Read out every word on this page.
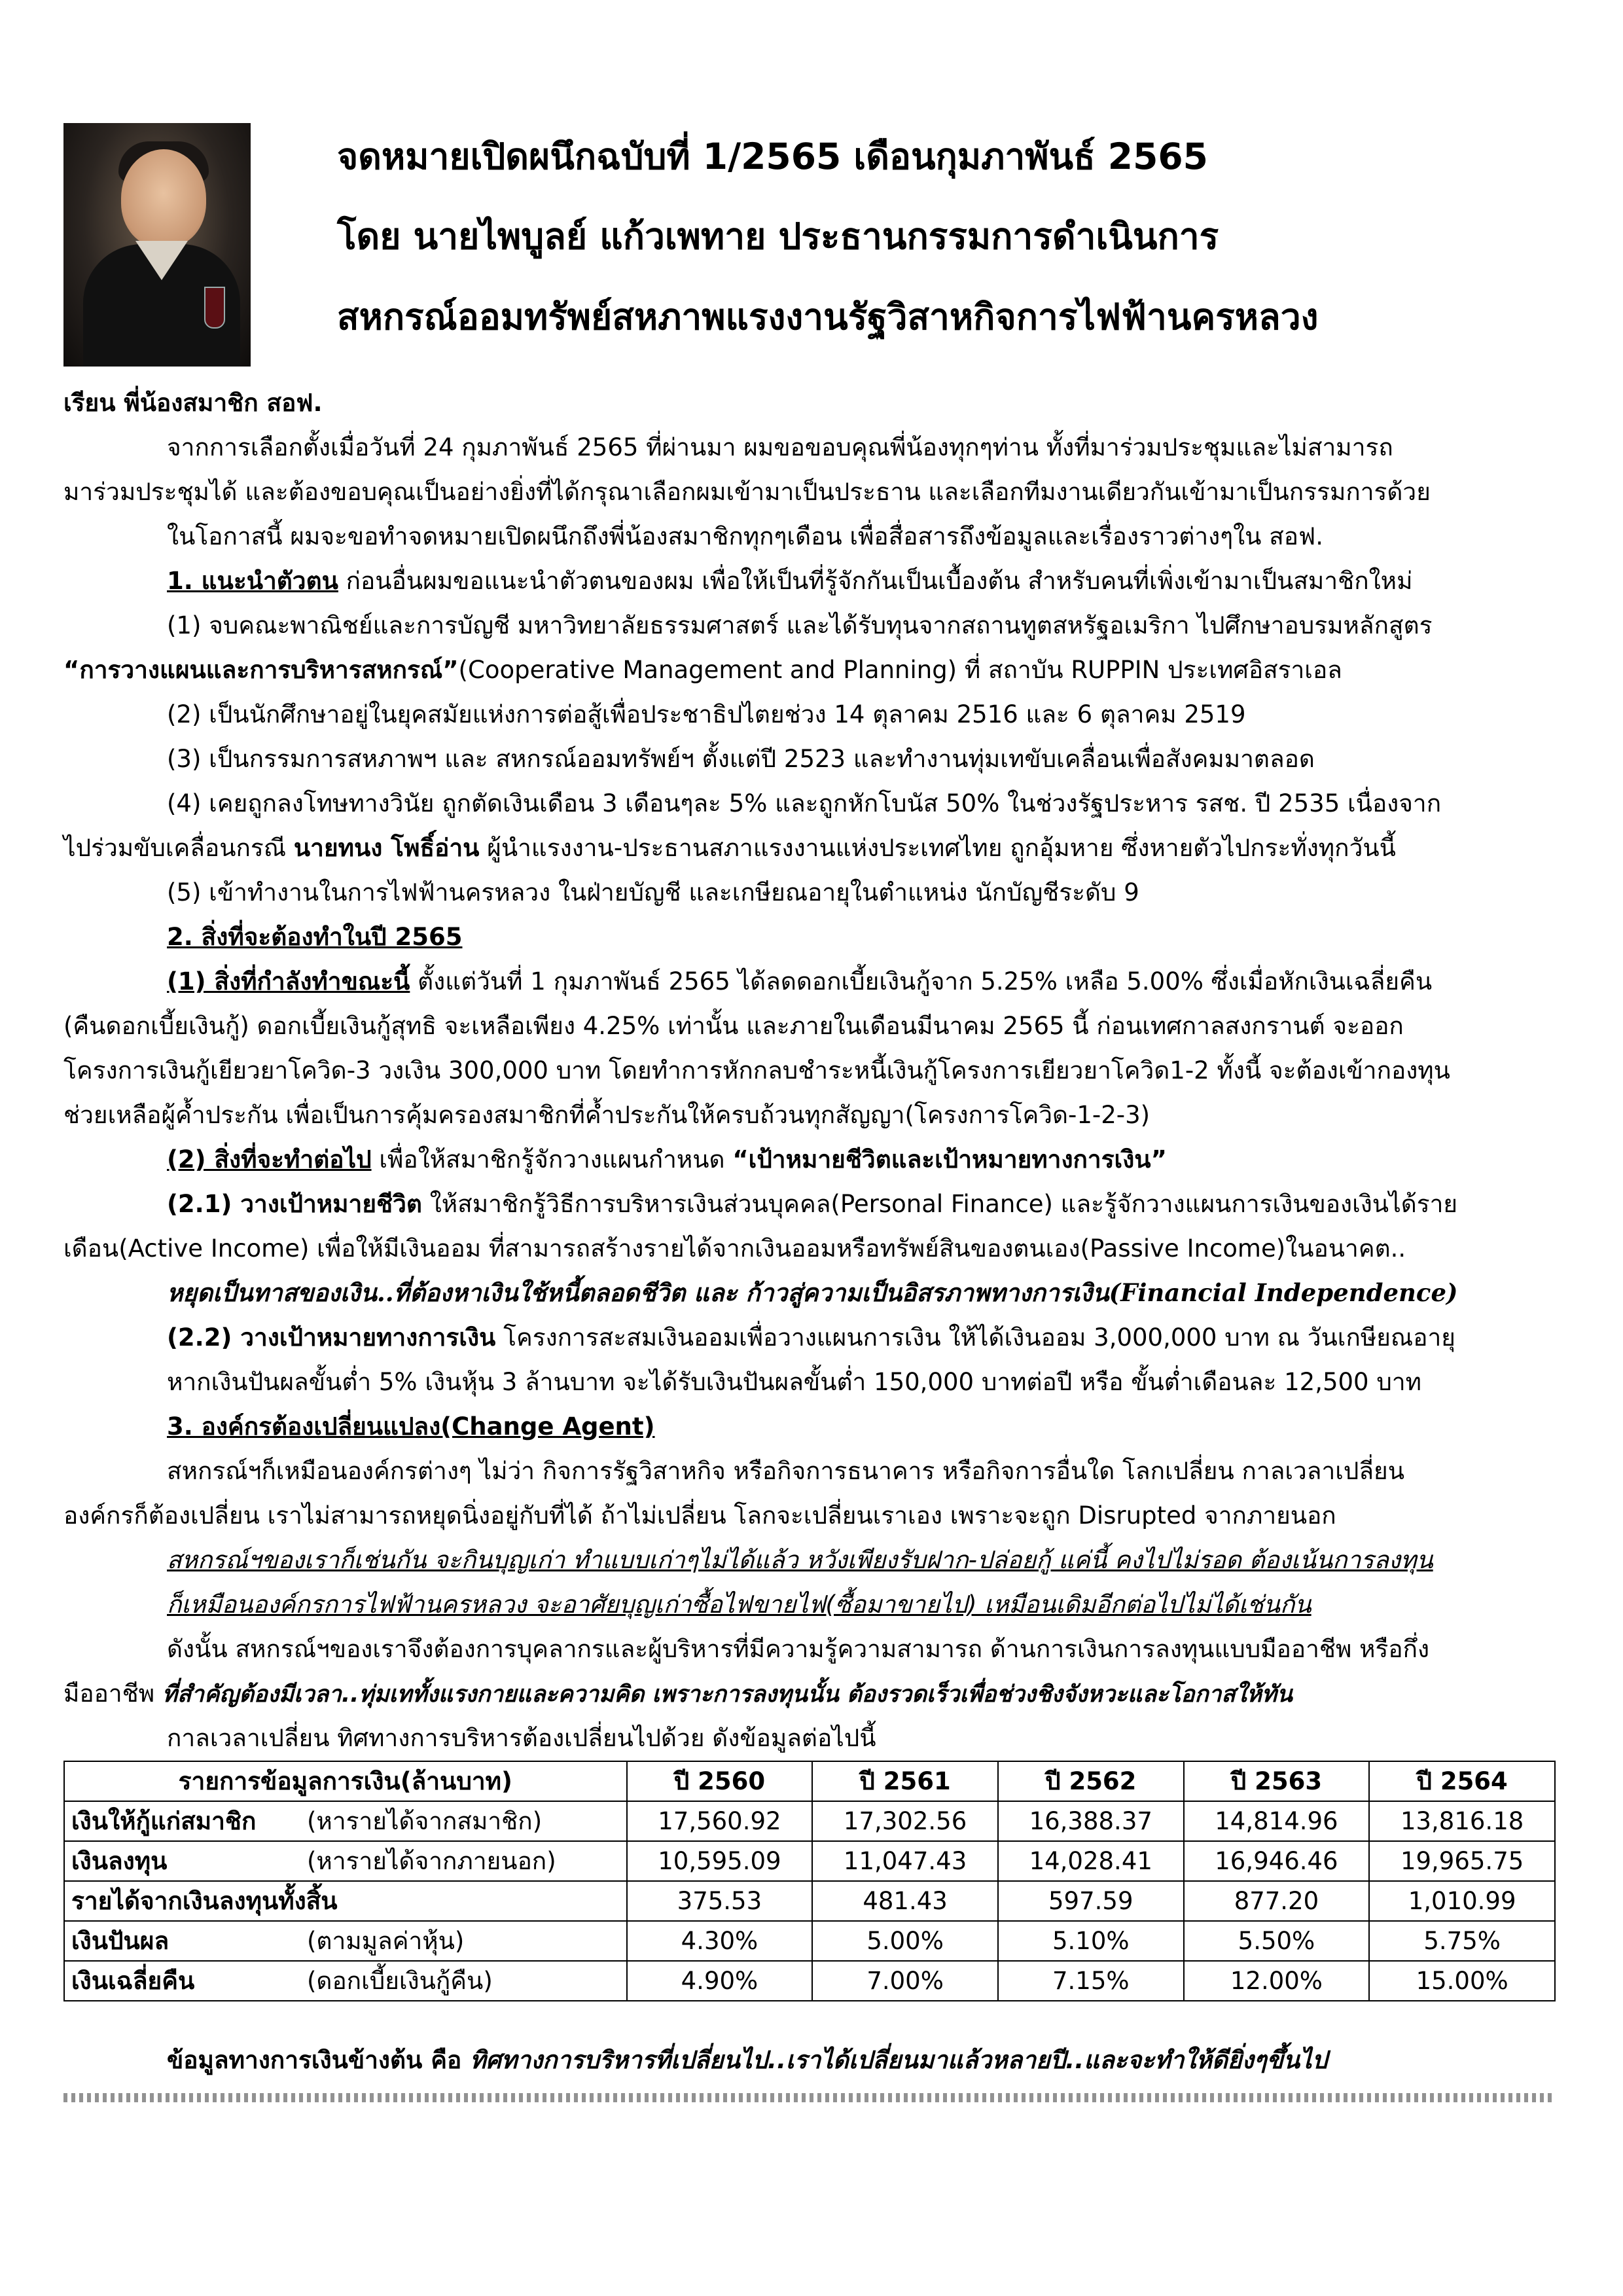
จดหมายเปิดผนึกฉบับที่ 1/2565 เดือนกุมภาพันธ์ 2565
โดย นายไพบูลย์ แก้วเพทาย ประธานกรรมการดำเนินการ
สหกรณ์ออมทรัพย์สหภาพแรงงานรัฐวิสาหกิจการไฟฟ้านครหลวง
เรียน พี่น้องสมาชิก สอฟ.
จากการเลือกตั้งเมื่อวันที่ 24 กุมภาพันธ์ 2565 ที่ผ่านมา ผมขอขอบคุณพี่น้องทุกๆท่าน ทั้งที่มาร่วมประชุมและไม่สามารถ
มาร่วมประชุมได้ และต้องขอบคุณเป็นอย่างยิ่งที่ได้กรุณาเลือกผมเข้ามาเป็นประธาน และเลือกทีมงานเดียวกันเข้ามาเป็นกรรมการด้วย
ในโอกาสนี้ ผมจะขอทำจดหมายเปิดผนึกถึงพี่น้องสมาชิกทุกๆเดือน เพื่อสื่อสารถึงข้อมูลและเรื่องราวต่างๆใน สอฟ.
1. แนะนำตัวตน ก่อนอื่นผมขอแนะนำตัวตนของผม เพื่อให้เป็นที่รู้จักกันเป็นเบื้องต้น สำหรับคนที่เพิ่งเข้ามาเป็นสมาชิกใหม่
(1) จบคณะพาณิชย์และการบัญชี มหาวิทยาลัยธรรมศาสตร์ และได้รับทุนจากสถานทูตสหรัฐอเมริกา ไปศึกษาอบรมหลักสูตร
“การวางแผนและการบริหารสหกรณ์”(Cooperative Management and Planning) ที่ สถาบัน RUPPIN ประเทศอิสราเอล
(2) เป็นนักศึกษาอยู่ในยุคสมัยแห่งการต่อสู้เพื่อประชาธิปไตยช่วง 14 ตุลาคม 2516 และ 6 ตุลาคม 2519
(3) เป็นกรรมการสหภาพฯ และ สหกรณ์ออมทรัพย์ฯ ตั้งแต่ปี 2523 และทำงานทุ่มเทขับเคลื่อนเพื่อสังคมมาตลอด
(4) เคยถูกลงโทษทางวินัย ถูกตัดเงินเดือน 3 เดือนๆละ 5% และถูกหักโบนัส 50% ในช่วงรัฐประหาร รสช. ปี 2535 เนื่องจาก
ไปร่วมขับเคลื่อนกรณี นายทนง โพธิ์อ่าน ผู้นำแรงงาน-ประธานสภาแรงงานแห่งประเทศไทย ถูกอุ้มหาย ซึ่งหายตัวไปกระทั่งทุกวันนี้
(5) เข้าทำงานในการไฟฟ้านครหลวง ในฝ่ายบัญชี และเกษียณอายุในตำแหน่ง นักบัญชีระดับ 9
2. สิ่งที่จะต้องทำในปี 2565
(1) สิ่งที่กำลังทำขณะนี้ ตั้งแต่วันที่ 1 กุมภาพันธ์ 2565 ได้ลดดอกเบี้ยเงินกู้จาก 5.25% เหลือ 5.00% ซึ่งเมื่อหักเงินเฉลี่ยคืน
(คืนดอกเบี้ยเงินกู้) ดอกเบี้ยเงินกู้สุทธิ จะเหลือเพียง 4.25% เท่านั้น และภายในเดือนมีนาคม 2565 นี้ ก่อนเทศกาลสงกรานต์ จะออก
โครงการเงินกู้เยียวยาโควิด-3 วงเงิน 300,000 บาท โดยทำการหักกลบชำระหนี้เงินกู้โครงการเยียวยาโควิด1-2 ทั้งนี้ จะต้องเข้ากองทุน
ช่วยเหลือผู้ค้ำประกัน เพื่อเป็นการคุ้มครองสมาชิกที่ค้ำประกันให้ครบถ้วนทุกสัญญา(โครงการโควิด-1-2-3)
(2) สิ่งที่จะทำต่อไป เพื่อให้สมาชิกรู้จักวางแผนกำหนด “เป้าหมายชีวิตและเป้าหมายทางการเงิน”
(2.1) วางเป้าหมายชีวิต ให้สมาชิกรู้วิธีการบริหารเงินส่วนบุคคล(Personal Finance) และรู้จักวางแผนการเงินของเงินได้ราย
เดือน(Active Income) เพื่อให้มีเงินออม ที่สามารถสร้างรายได้จากเงินออมหรือทรัพย์สินของตนเอง(Passive Income)ในอนาคต..
หยุดเป็นทาสของเงิน..ที่ต้องหาเงินใช้หนี้ตลอดชีวิต และ ก้าวสู่ความเป็นอิสรภาพทางการเงิน(Financial Independence)
(2.2) วางเป้าหมายทางการเงิน โครงการสะสมเงินออมเพื่อวางแผนการเงิน ให้ได้เงินออม 3,000,000 บาท ณ วันเกษียณอายุ
หากเงินปันผลขั้นต่ำ 5% เงินหุ้น 3 ล้านบาท จะได้รับเงินปันผลขั้นต่ำ 150,000 บาทต่อปี หรือ ขั้นต่ำเดือนละ 12,500 บาท
3. องค์กรต้องเปลี่ยนแปลง(Change Agent)
สหกรณ์ฯก็เหมือนองค์กรต่างๆ ไม่ว่า กิจการรัฐวิสาหกิจ หรือกิจการธนาคาร หรือกิจการอื่นใด โลกเปลี่ยน กาลเวลาเปลี่ยน
องค์กรก็ต้องเปลี่ยน เราไม่สามารถหยุดนิ่งอยู่กับที่ได้ ถ้าไม่เปลี่ยน โลกจะเปลี่ยนเราเอง เพราะจะถูก Disrupted จากภายนอก
สหกรณ์ฯของเราก็เช่นกัน จะกินบุญเก่า ทำแบบเก่าๆไม่ได้แล้ว หวังเพียงรับฝาก-ปล่อยกู้ แค่นี้ คงไปไม่รอด ต้องเน้นการลงทุน
ก็เหมือนองค์กรการไฟฟ้านครหลวง จะอาศัยบุญเก่าซื้อไฟขายไฟ(ซื้อมาขายไป) เหมือนเดิมอีกต่อไปไม่ได้เช่นกัน
ดังนั้น สหกรณ์ฯของเราจึงต้องการบุคลากรและผู้บริหารที่มีความรู้ความสามารถ ด้านการเงินการลงทุนแบบมืออาชีพ หรือกึ่ง
มืออาชีพ ที่สำคัญต้องมีเวลา..ทุ่มเททั้งแรงกายและความคิด เพราะการลงทุนนั้น ต้องรวดเร็วเพื่อช่วงชิงจังหวะและโอกาสให้ทัน
กาลเวลาเปลี่ยน ทิศทางการบริหารต้องเปลี่ยนไปด้วย ดังข้อมูลต่อไปนี้
รายการข้อมูลการเงิน(ล้านบาท)	ปี 2560	ปี 2561	ปี 2562	ปี 2563	ปี 2564
เงินให้กู้แก่สมาชิก (หารายได้จากสมาชิก)	17,560.92	17,302.56	16,388.37	14,814.96	13,816.18
เงินลงทุน (หารายได้จากภายนอก)	10,595.09	11,047.43	14,028.41	16,946.46	19,965.75
รายได้จากเงินลงทุนทั้งสิ้น	375.53	481.43	597.59	877.20	1,010.99
เงินปันผล (ตามมูลค่าหุ้น)	4.30%	5.00%	5.10%	5.50%	5.75%
เงินเฉลี่ยคืน (ดอกเบี้ยเงินกู้คืน)	4.90%	7.00%	7.15%	12.00%	15.00%
ข้อมูลทางการเงินข้างต้น คือ ทิศทางการบริหารที่เปลี่ยนไป..เราได้เปลี่ยนมาแล้วหลายปี..และจะทำให้ดียิ่งๆขึ้นไป
